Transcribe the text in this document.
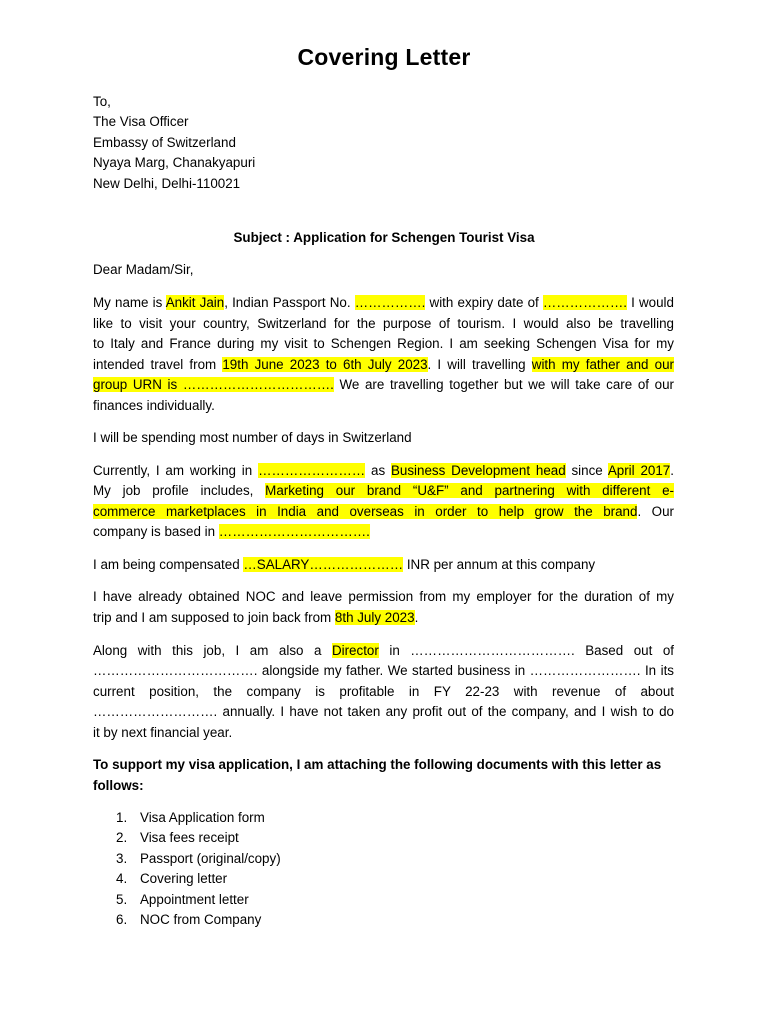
Covering Letter
To,
The Visa Officer
Embassy of Switzerland
Nyaya Marg, Chanakyapuri
New Delhi, Delhi-110021
Subject : Application for Schengen Tourist Visa
Dear Madam/Sir,
My name is Ankit Jain, Indian Passport No. ……………. with expiry date of ………………. I would
like to visit your country, Switzerland for the purpose of tourism. I would also be travelling
to Italy and France during my visit to Schengen Region. I am seeking Schengen Visa for my
intended travel from 19th June 2023 to 6th July 2023. I will travelling with my father and our
group URN is ……………………………. We are travelling together but we will take care of our
finances individually.
I will be spending most number of days in Switzerland
Currently, I am working in …………………… as Business Development head since April 2017.
My job profile includes, Marketing our brand “U&F” and partnering with different e-
commerce marketplaces in India and overseas in order to help grow the brand. Our
company is based in …………………………….
I am being compensated …SALARY………………… INR per annum at this company
I have already obtained NOC and leave permission from my employer for the duration of my
trip and I am supposed to join back from 8th July 2023.
Along with this job, I am also a Director in ………………………………. Based out of
………………………………. alongside my father. We started business in ……………………. In its
current position, the company is profitable in FY 22-23 with revenue of about
………………………. annually. I have not taken any profit out of the company, and I wish to do
it by next financial year.
To support my visa application, I am attaching the following documents with this letter as
follows:
1. Visa Application form
2. Visa fees receipt
3. Passport (original/copy)
4. Covering letter
5. Appointment letter
6. NOC from Company
